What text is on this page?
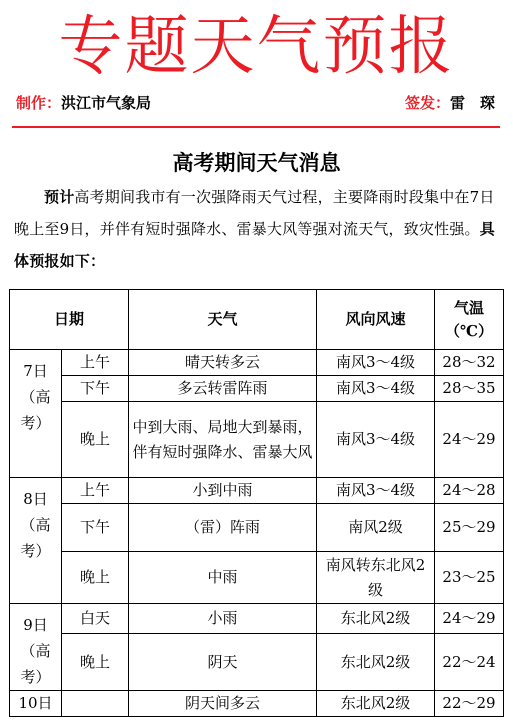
专题天气预报
制作：洪江市气象局	签发：雷　琛
高考期间天气消息

预计高考期间我市有一次强降雨天气过程，主要降雨时段集中在7日晚上至9日，并伴有短时强降水、雷暴大风等强对流天气，致灾性强。具体预报如下：

日期		天气	风向风速	气温（℃）
7日（高考）	上午	晴天转多云	南风3～4级	28～32
	下午	多云转雷阵雨	南风3～4级	28～35
	晚上	中到大雨、局地大到暴雨，伴有短时强降水、雷暴大风	南风3～4级	24～29
8日（高考）	上午	小到中雨	南风3～4级	24～28
	下午	（雷）阵雨	南风2级	25～29
	晚上	中雨	南风转东北风2级	23～25
9日（高考）	白天	小雨	东北风2级	24～29
	晚上	阴天	东北风2级	22～24
10日		阴天间多云	东北风2级	22～29
